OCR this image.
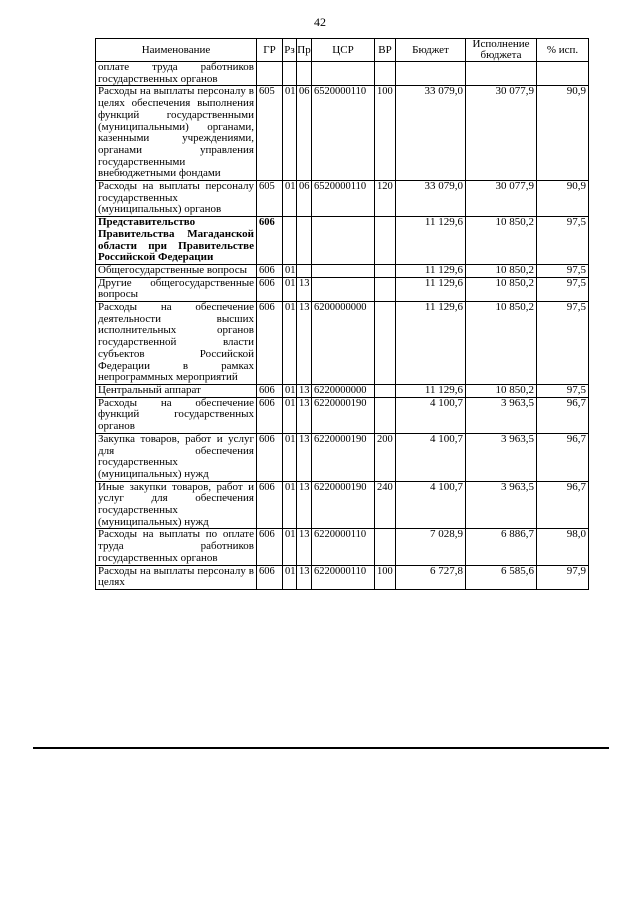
42
Наименование	ГР	Рз	Пр	ЦСР	ВР	Бюджет	Исполнение бюджета	% исп.
оплате труда работников государственных органов								
Расходы на выплаты персоналу в целях обеспечения выполнения функций государственными (муниципальными) органами, казенными учреждениями, органами управления государственными внебюджетными фондами	605	01	06	6520000110	100	33 079,0	30 077,9	90,9
Расходы на выплаты персоналу государственных (муниципальных) органов	605	01	06	6520000110	120	33 079,0	30 077,9	90,9
Представительство Правительства Магаданской области при Правительстве Российской Федерации	606					11 129,6	10 850,2	97,5
Общегосударственные вопросы	606	01				11 129,6	10 850,2	97,5
Другие общегосударственные вопросы	606	01	13			11 129,6	10 850,2	97,5
Расходы на обеспечение деятельности высших исполнительных органов государственной власти субъектов Российской Федерации в рамках непрограммных мероприятий	606	01	13	6200000000		11 129,6	10 850,2	97,5
Центральный аппарат	606	01	13	6220000000		11 129,6	10 850,2	97,5
Расходы на обеспечение функций государственных органов	606	01	13	6220000190		4 100,7	3 963,5	96,7
Закупка товаров, работ и услуг для обеспечения государственных (муниципальных) нужд	606	01	13	6220000190	200	4 100,7	3 963,5	96,7
Иные закупки товаров, работ и услуг для обеспечения государственных (муниципальных) нужд	606	01	13	6220000190	240	4 100,7	3 963,5	96,7
Расходы на выплаты по оплате труда работников государственных органов	606	01	13	6220000110		7 028,9	6 886,7	98,0
Расходы на выплаты персоналу в целях	606	01	13	6220000110	100	6 727,8	6 585,6	97,9
